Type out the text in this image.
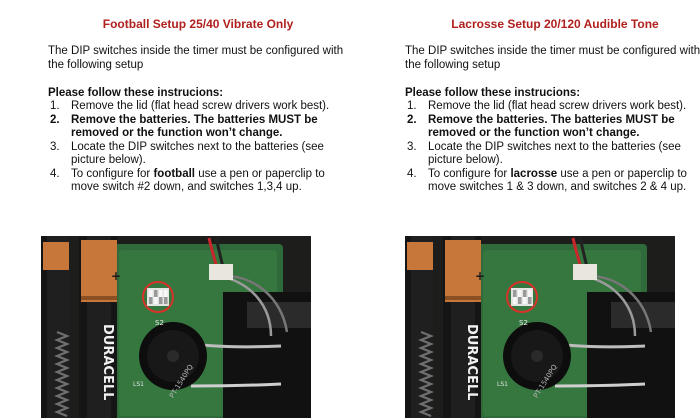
Football Setup 25/40 Vibrate Only
The DIP switches inside the timer must be configured with the following setup
Please follow these instrucions:
1. Remove the lid (flat head screw drivers work best).
2. Remove the batteries. The batteries MUST be removed or the function won’t change.
3. Locate the DIP switches next to the batteries (see picture below).
4. To configure for football use a pen or paperclip to move switch #2 down, and switches 1,3,4 up.
Lacrosse Setup 20/120 Audible Tone
The DIP switches inside the timer must be configured with the following setup
Please follow these instrucions:
1. Remove the lid (flat head screw drivers work best).
2. Remove the batteries. The batteries MUST be removed or the function won’t change.
3. Locate the DIP switches next to the batteries (see picture below).
4. To configure for lacrosse use a pen or paperclip to move switches 1 & 3 down, and switches 2 & 4 up.
PT-1540PQ
S2
LS1
+
DURACELL	PT-1540PQ
S2
LS1
+
DURACELL
